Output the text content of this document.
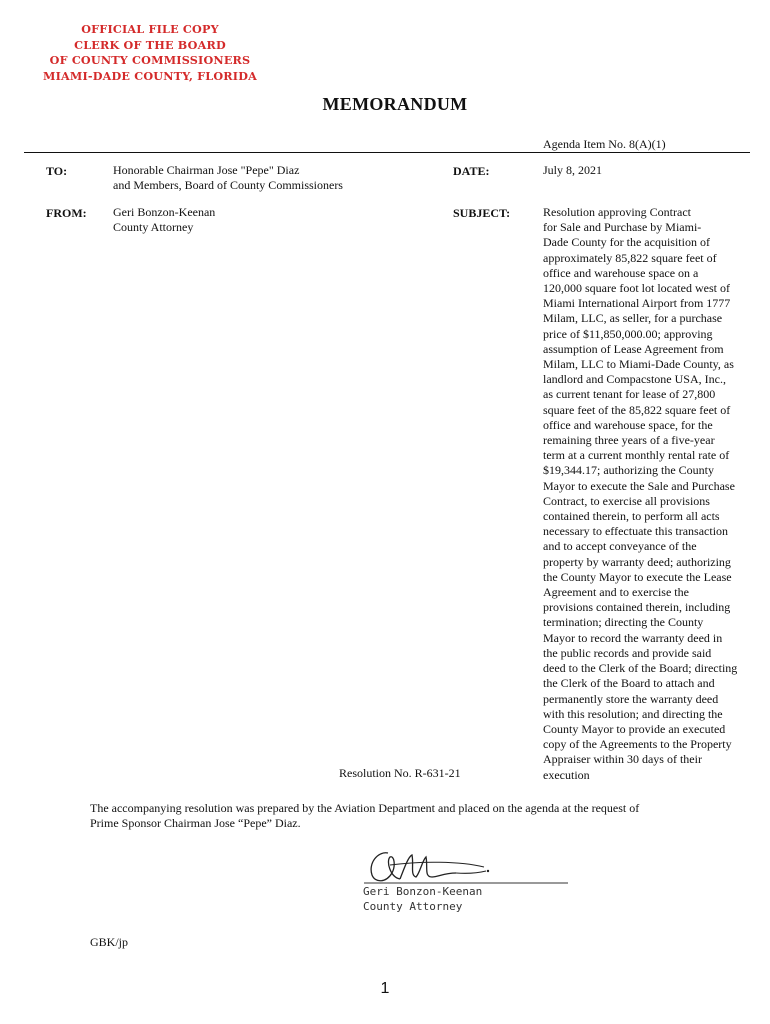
OFFICIAL FILE COPY
CLERK OF THE BOARD
OF COUNTY COMMISSIONERS
MIAMI-DADE COUNTY, FLORIDA
MEMORANDUM
Agenda Item No. 8(A)(1)
TO:	Honorable Chairman Jose "Pepe" Diaz
and Members, Board of County Commissioners
DATE:	July 8, 2021
FROM: Geri Bonzon-Keenan
County Attorney
SUBJECT:	Resolution approving Contract
for Sale and Purchase by Miami-
Dade County for the acquisition of
approximately 85,822 square feet of
office and warehouse space on a
120,000 square foot lot located west of
Miami International Airport from 1777
Milam, LLC, as seller, for a purchase
price of $11,850,000.00; approving
assumption of Lease Agreement from
Milam, LLC to Miami-Dade County, as
landlord and Compacstone USA, Inc.,
as current tenant for lease of 27,800
square feet of the 85,822 square feet of
office and warehouse space, for the
remaining three years of a five-year
term at a current monthly rental rate of
$19,344.17; authorizing the County
Mayor to execute the Sale and Purchase
Contract, to exercise all provisions
contained therein, to perform all acts
necessary to effectuate this transaction
and to accept conveyance of the
property by warranty deed; authorizing
the County Mayor to execute the Lease
Agreement and to exercise the
provisions contained therein, including
termination; directing the County
Mayor to record the warranty deed in
the public records and provide said
deed to the Clerk of the Board; directing
the Clerk of the Board to attach and
permanently store the warranty deed
with this resolution; and directing the
County Mayor to provide an executed
copy of the Agreements to the Property
Appraiser within 30 days of their
execution
Resolution No. R-631-21
The accompanying resolution was prepared by the Aviation Department and placed on the agenda at the request of
Prime Sponsor Chairman Jose “Pepe” Diaz.
Geri Bonzon-Keenan
County Attorney
GBK/jp
1
